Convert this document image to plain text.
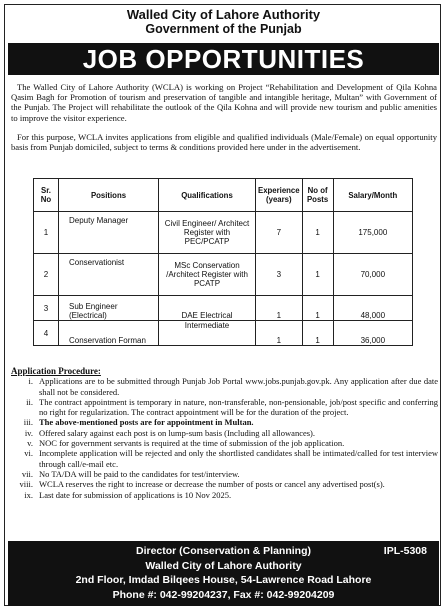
Walled City of Lahore Authority
Government of the Punjab
JOB OPPORTUNITIES

The Walled City of Lahore Authority (WCLA) is working on Project “Rehabilitation and Development of Qila Kohna Qasim Bagh for Promotion of tourism and preservation of tangible and intangible heritage, Multan” with Government of the Punjab. The Project will rehabilitate the outlook of the Qila Kohna and will provide new tourism and public amenities to improve the visitor experience.

For this purpose, WCLA invites applications from eligible and qualified individuals (Male/Female) on equal opportunity basis from Punjab domiciled, subject to terms & conditions provided here under in the advertisement.

Sr. No	Positions	Qualifications	Experience (years)	No of Posts	Salary/Month
1	Deputy Manager	Civil Engineer/ Architect Register with PEC/PCATP	7	1	175,000
2	Conservationist	MSc Conservation /Architect Register with PCATP	3	1	70,000
3	Sub Engineer (Electrical)	DAE Electrical	1	1	48,000
4	Conservation Forman	Intermediate	1	1	36,000
Application Procedure:
i. Applications are to be submitted through Punjab Job Portal www.jobs.punjab.gov.pk. Any application after due date shall not be considered.
ii. The contract appointment is temporary in nature, non-transferable, non-pensionable, job/post specific and conferring no right for regularization. The contract appointment will be for the duration of the project.
iii. The above-mentioned posts are for appointment in Multan.
iv. Offered salary against each post is on lump-sum basis (Including all allowances).
v. NOC for government servants is required at the time of submission of the job application.
vi. Incomplete application will be rejected and only the shortlisted candidates shall be intimated/called for test interview through call/e-mail etc.
vii. No TA/DA will be paid to the candidates for test/interview.
viii. WCLA reserves the right to increase or decrease the number of posts or cancel any advertised post(s).
ix. Last date for submission of applications is 10 Nov 2025.
Director (Conservation & Planning)
Walled City of Lahore Authority
2nd Floor, Imdad Bilqees House, 54-Lawrence Road Lahore
Phone #: 042-99204237, Fax #: 042-99204209
IPL-5308
